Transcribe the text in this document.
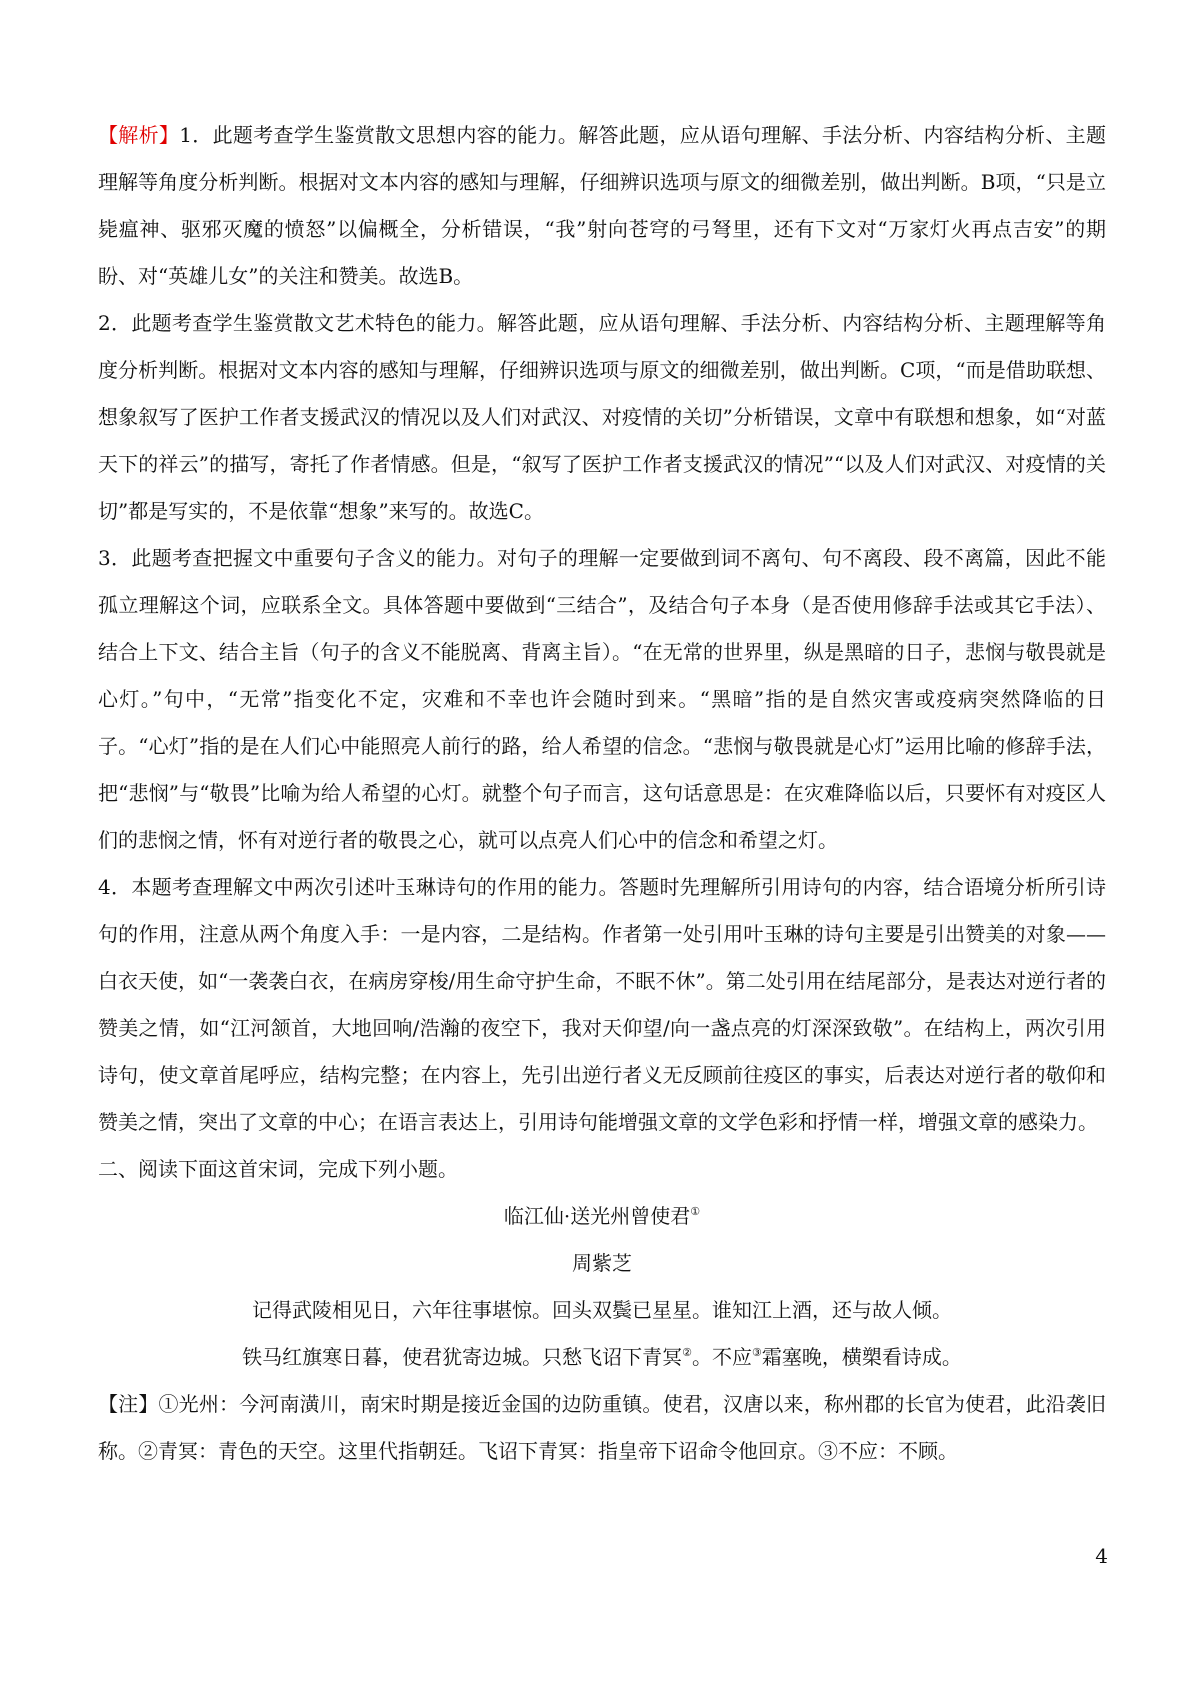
【解析】1．此题考查学生鉴赏散文思想内容的能力。解答此题，应从语句理解、手法分析、内容结构分析、主题理解等角度分析判断。根据对文本内容的感知与理解，仔细辨识选项与原文的细微差别，做出判断。B项，“只是立毙瘟神、驱邪灭魔的愤怒”以偏概全，分析错误，“我”射向苍穹的弓弩里，还有下文对“万家灯火再点吉安”的期盼、对“英雄儿女”的关注和赞美。故选B。

2．此题考查学生鉴赏散文艺术特色的能力。解答此题，应从语句理解、手法分析、内容结构分析、主题理解等角度分析判断。根据对文本内容的感知与理解，仔细辨识选项与原文的细微差别，做出判断。C项，“而是借助联想、想象叙写了医护工作者支援武汉的情况以及人们对武汉、对疫情的关切”分析错误，文章中有联想和想象，如“对蓝天下的祥云”的描写，寄托了作者情感。但是，“叙写了医护工作者支援武汉的情况”“以及人们对武汉、对疫情的关切”都是写实的，不是依靠“想象”来写的。故选C。

3．此题考查把握文中重要句子含义的能力。对句子的理解一定要做到词不离句、句不离段、段不离篇，因此不能孤立理解这个词，应联系全文。具体答题中要做到“三结合”，及结合句子本身（是否使用修辞手法或其它手法）、结合上下文、结合主旨（句子的含义不能脱离、背离主旨）。“在无常的世界里，纵是黑暗的日子，悲悯与敬畏就是心灯。”句中，“无常”指变化不定，灾难和不幸也许会随时到来。“黑暗”指的是自然灾害或疫病突然降临的日子。“心灯”指的是在人们心中能照亮人前行的路，给人希望的信念。“悲悯与敬畏就是心灯”运用比喻的修辞手法，把“悲悯”与“敬畏”比喻为给人希望的心灯。就整个句子而言，这句话意思是：在灾难降临以后，只要怀有对疫区人们的悲悯之情，怀有对逆行者的敬畏之心，就可以点亮人们心中的信念和希望之灯。

4．本题考查理解文中两次引述叶玉琳诗句的作用的能力。答题时先理解所引用诗句的内容，结合语境分析所引诗句的作用，注意从两个角度入手：一是内容，二是结构。作者第一处引用叶玉琳的诗句主要是引出赞美的对象——白衣天使，如“一袭袭白衣，在病房穿梭/用生命守护生命，不眠不休”。第二处引用在结尾部分，是表达对逆行者的赞美之情，如“江河颔首，大地回响/浩瀚的夜空下，我对天仰望/向一盏点亮的灯深深致敬”。在结构上，两次引用诗句，使文章首尾呼应，结构完整；在内容上，先引出逆行者义无反顾前往疫区的事实，后表达对逆行者的敬仰和赞美之情，突出了文章的中心；在语言表达上，引用诗句能增强文章的文学色彩和抒情一样，增强文章的感染力。

二、阅读下面这首宋词，完成下列小题。

临江仙·送光州曾使君①

周紫芝

记得武陵相见日，六年往事堪惊。回头双鬓已星星。谁知江上酒，还与故人倾。

铁马红旗寒日暮，使君犹寄边城。只愁飞诏下青冥②。不应③霜塞晚，横槊看诗成。

【注】①光州：今河南潢川，南宋时期是接近金国的边防重镇。使君，汉唐以来，称州郡的长官为使君，此沿袭旧称。②青冥：青色的天空。这里代指朝廷。飞诏下青冥：指皇帝下诏命令他回京。③不应：不顾。

4
